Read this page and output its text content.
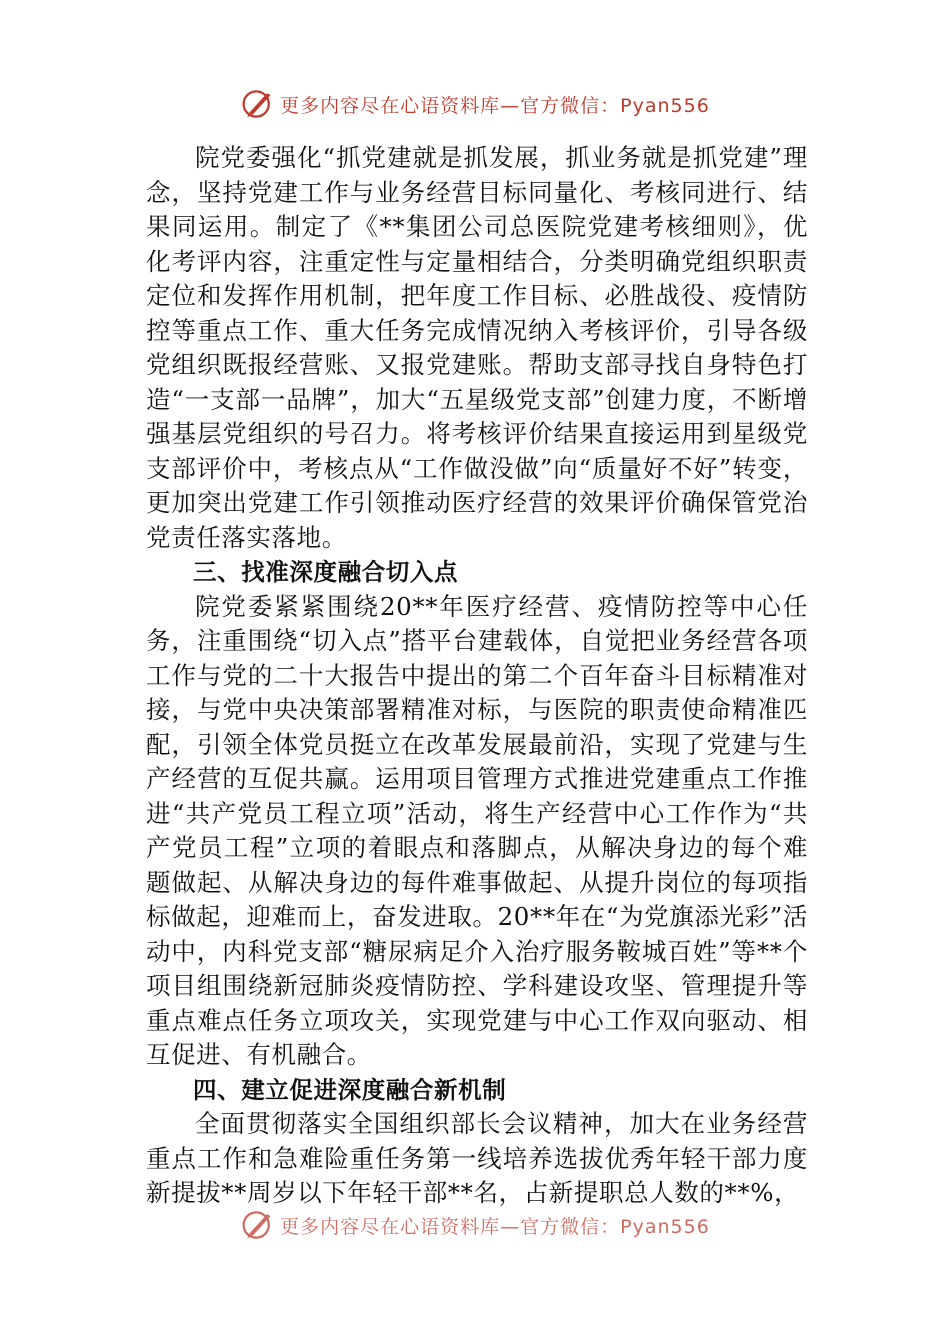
更多内容尽在心语资料库—官方微信：Pyan556

院党委强化“抓党建就是抓发展，抓业务就是抓党建”理念，坚持党建工作与业务经营目标同量化、考核同进行、结果同运用。制定了《**集团公司总医院党建考核细则》，优化考评内容，注重定性与定量相结合，分类明确党组织职责定位和发挥作用机制，把年度工作目标、必胜战役、疫情防控等重点工作、重大任务完成情况纳入考核评价，引导各级党组织既报经营账、又报党建账。帮助支部寻找自身特色打造“一支部一品牌”，加大“五星级党支部”创建力度，不断增强基层党组织的号召力。将考核评价结果直接运用到星级党支部评价中，考核点从“工作做没做”向“质量好不好”转变，更加突出党建工作引领推动医疗经营的效果评价确保管党治党责任落实落地。

三、找准深度融合切入点

院党委紧紧围绕20**年医疗经营、疫情防控等中心任务，注重围绕“切入点”搭平台建载体，自觉把业务经营各项工作与党的二十大报告中提出的第二个百年奋斗目标精准对接，与党中央决策部署精准对标，与医院的职责使命精准匹配，引领全体党员挺立在改革发展最前沿，实现了党建与生产经营的互促共赢。运用项目管理方式推进党建重点工作推进“共产党员工程立项”活动，将生产经营中心工作作为“共产党员工程”立项的着眼点和落脚点，从解决身边的每个难题做起、从解决身边的每件难事做起、从提升岗位的每项指标做起，迎难而上，奋发进取。20**年在“为党旗添光彩”活动中，内科党支部“糖尿病足介入治疗服务鞍城百姓”等**个项目组围绕新冠肺炎疫情防控、学科建设攻坚、管理提升等重点难点任务立项攻关，实现党建与中心工作双向驱动、相互促进、有机融合。

四、建立促进深度融合新机制

全面贯彻落实全国组织部长会议精神，加大在业务经营重点工作和急难险重任务第一线培养选拔优秀年轻干部力度新提拔**周岁以下年轻干部**名，占新提职总人数的**%，

更多内容尽在心语资料库—官方微信：Pyan556
